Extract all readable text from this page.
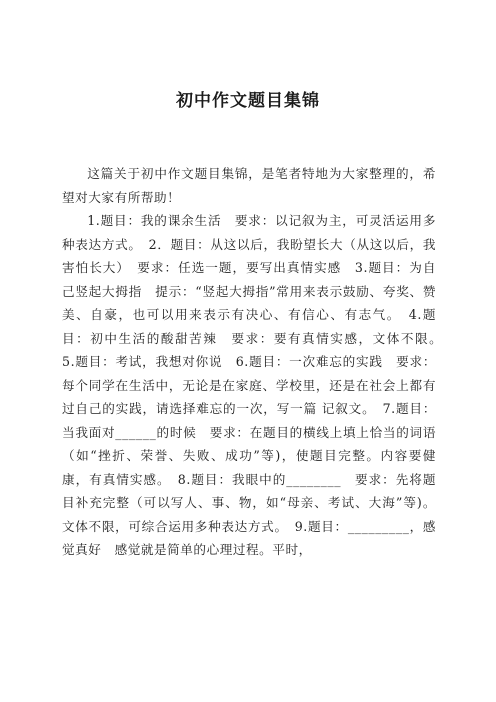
初中作文题目集锦

这篇关于初中作文题目集锦，是笔者特地为大家整理的，希望对大家有所帮助！

1.题目：我的课余生活　要求：以记叙为主，可灵活运用多种表达方式。　2．题目：从这以后，我盼望长大（从这以后，我害怕长大）　要求：任选一题，要写出真情实感　3.题目：为自己竖起大拇指　提示：“竖起大拇指”常用来表示鼓励、夸奖、赞美、自豪，也可以用来表示有决心、有信心、有志气。　4.题目：初中生活的酸甜苦辣　要求：要有真情实感，文体不限。　5.题目：考试，我想对你说　6.题目：一次难忘的实践　要求：每个同学在生活中，无论是在家庭、学校里，还是在社会上都有过自己的实践，请选择难忘的一次，写一篇 记叙文。　7.题目：当我面对______的时候　要求：在题目的横线上填上恰当的词语（如“挫折、荣誉、失败、成功”等)，使题目完整。内容要健康，有真情实感。　8.题目：我眼中的________　要求：先将题目补充完整（可以写人、事、物，如“母亲、考试、大海”等)。文体不限，可综合运用多种表达方式。　9.题目：_________，感觉真好　感觉就是简单的心理过程。平时，
